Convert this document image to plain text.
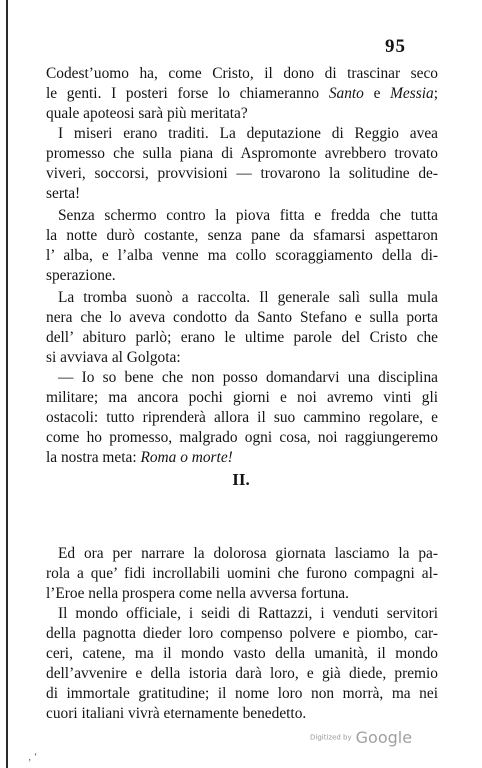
95
Codest’uomo ha, come Cristo, il dono di trascinar seco
le genti. I posteri forse lo chiameranno Santo e Messia;
quale apoteosi sarà più meritata?
I miseri erano traditi. La deputazione di Reggio avea
promesso che sulla piana di Aspromonte avrebbero trovato
viveri, soccorsi, provvisioni — trovarono la solitudine de-
serta!
Senza schermo contro la piova fitta e fredda che tutta
la notte durò costante, senza pane da sfamarsi aspettaron
l’ alba, e l’alba venne ma collo scoraggiamento della di-
sperazione.
La tromba suonò a raccolta. Il generale salì sulla mula
nera che lo aveva condotto da Santo Stefano e sulla porta
dell’ abituro parlò; erano le ultime parole del Cristo che
si avviava al Golgota:
— Io so bene che non posso domandarvi una disciplina
militare; ma ancora pochi giorni e noi avremo vinti gli
ostacoli: tutto riprenderà allora il suo cammino regolare, e
come ho promesso, malgrado ogni cosa, noi raggiungeremo
la nostra meta: Roma o morte!
Ed ora per narrare la dolorosa giornata lasciamo la pa-
rola a que’ fidi incrollabili uomini che furono compagni al-
l’Eroe nella prospera come nella avversa fortuna.
Il mondo officiale, i seidi di Rattazzi, i venduti servitori
della pagnotta dieder loro compenso polvere e piombo, car-
ceri, catene, ma il mondo vasto della umanità, il mondo
dell’avvenire e della istoria darà loro, e già diede, premio
di immortale gratitudine; il nome loro non morrà, ma nei
cuori italiani vivrà eternamente benedetto.
II.
‚ ‘
Digitized by Google
